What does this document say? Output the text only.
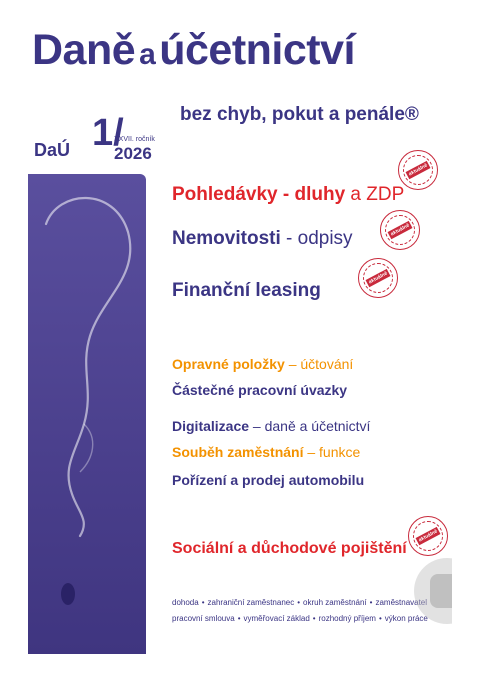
Daně a účetnictví
bez chyb, pokut a penále®
DaÚ 1/
XXVII. ročník
2026
Pohledávky - dluhy a ZDP
Nemovitosti - odpisy
Finanční leasing
aktuálně
aktuálně
aktuálně
aktuálně
Opravné položky – účtování
Částečné pracovní úvazky
Digitalizace – daně a účetnictví
Souběh zaměstnání – funkce
Pořízení a prodej automobilu
Sociální a důchodové pojištění
dohoda • zahraniční zaměstnanec • okruh zaměstnání • zaměstnavatel
pracovní smlouva • vyměřovací základ • rozhodný příjem • výkon práce
